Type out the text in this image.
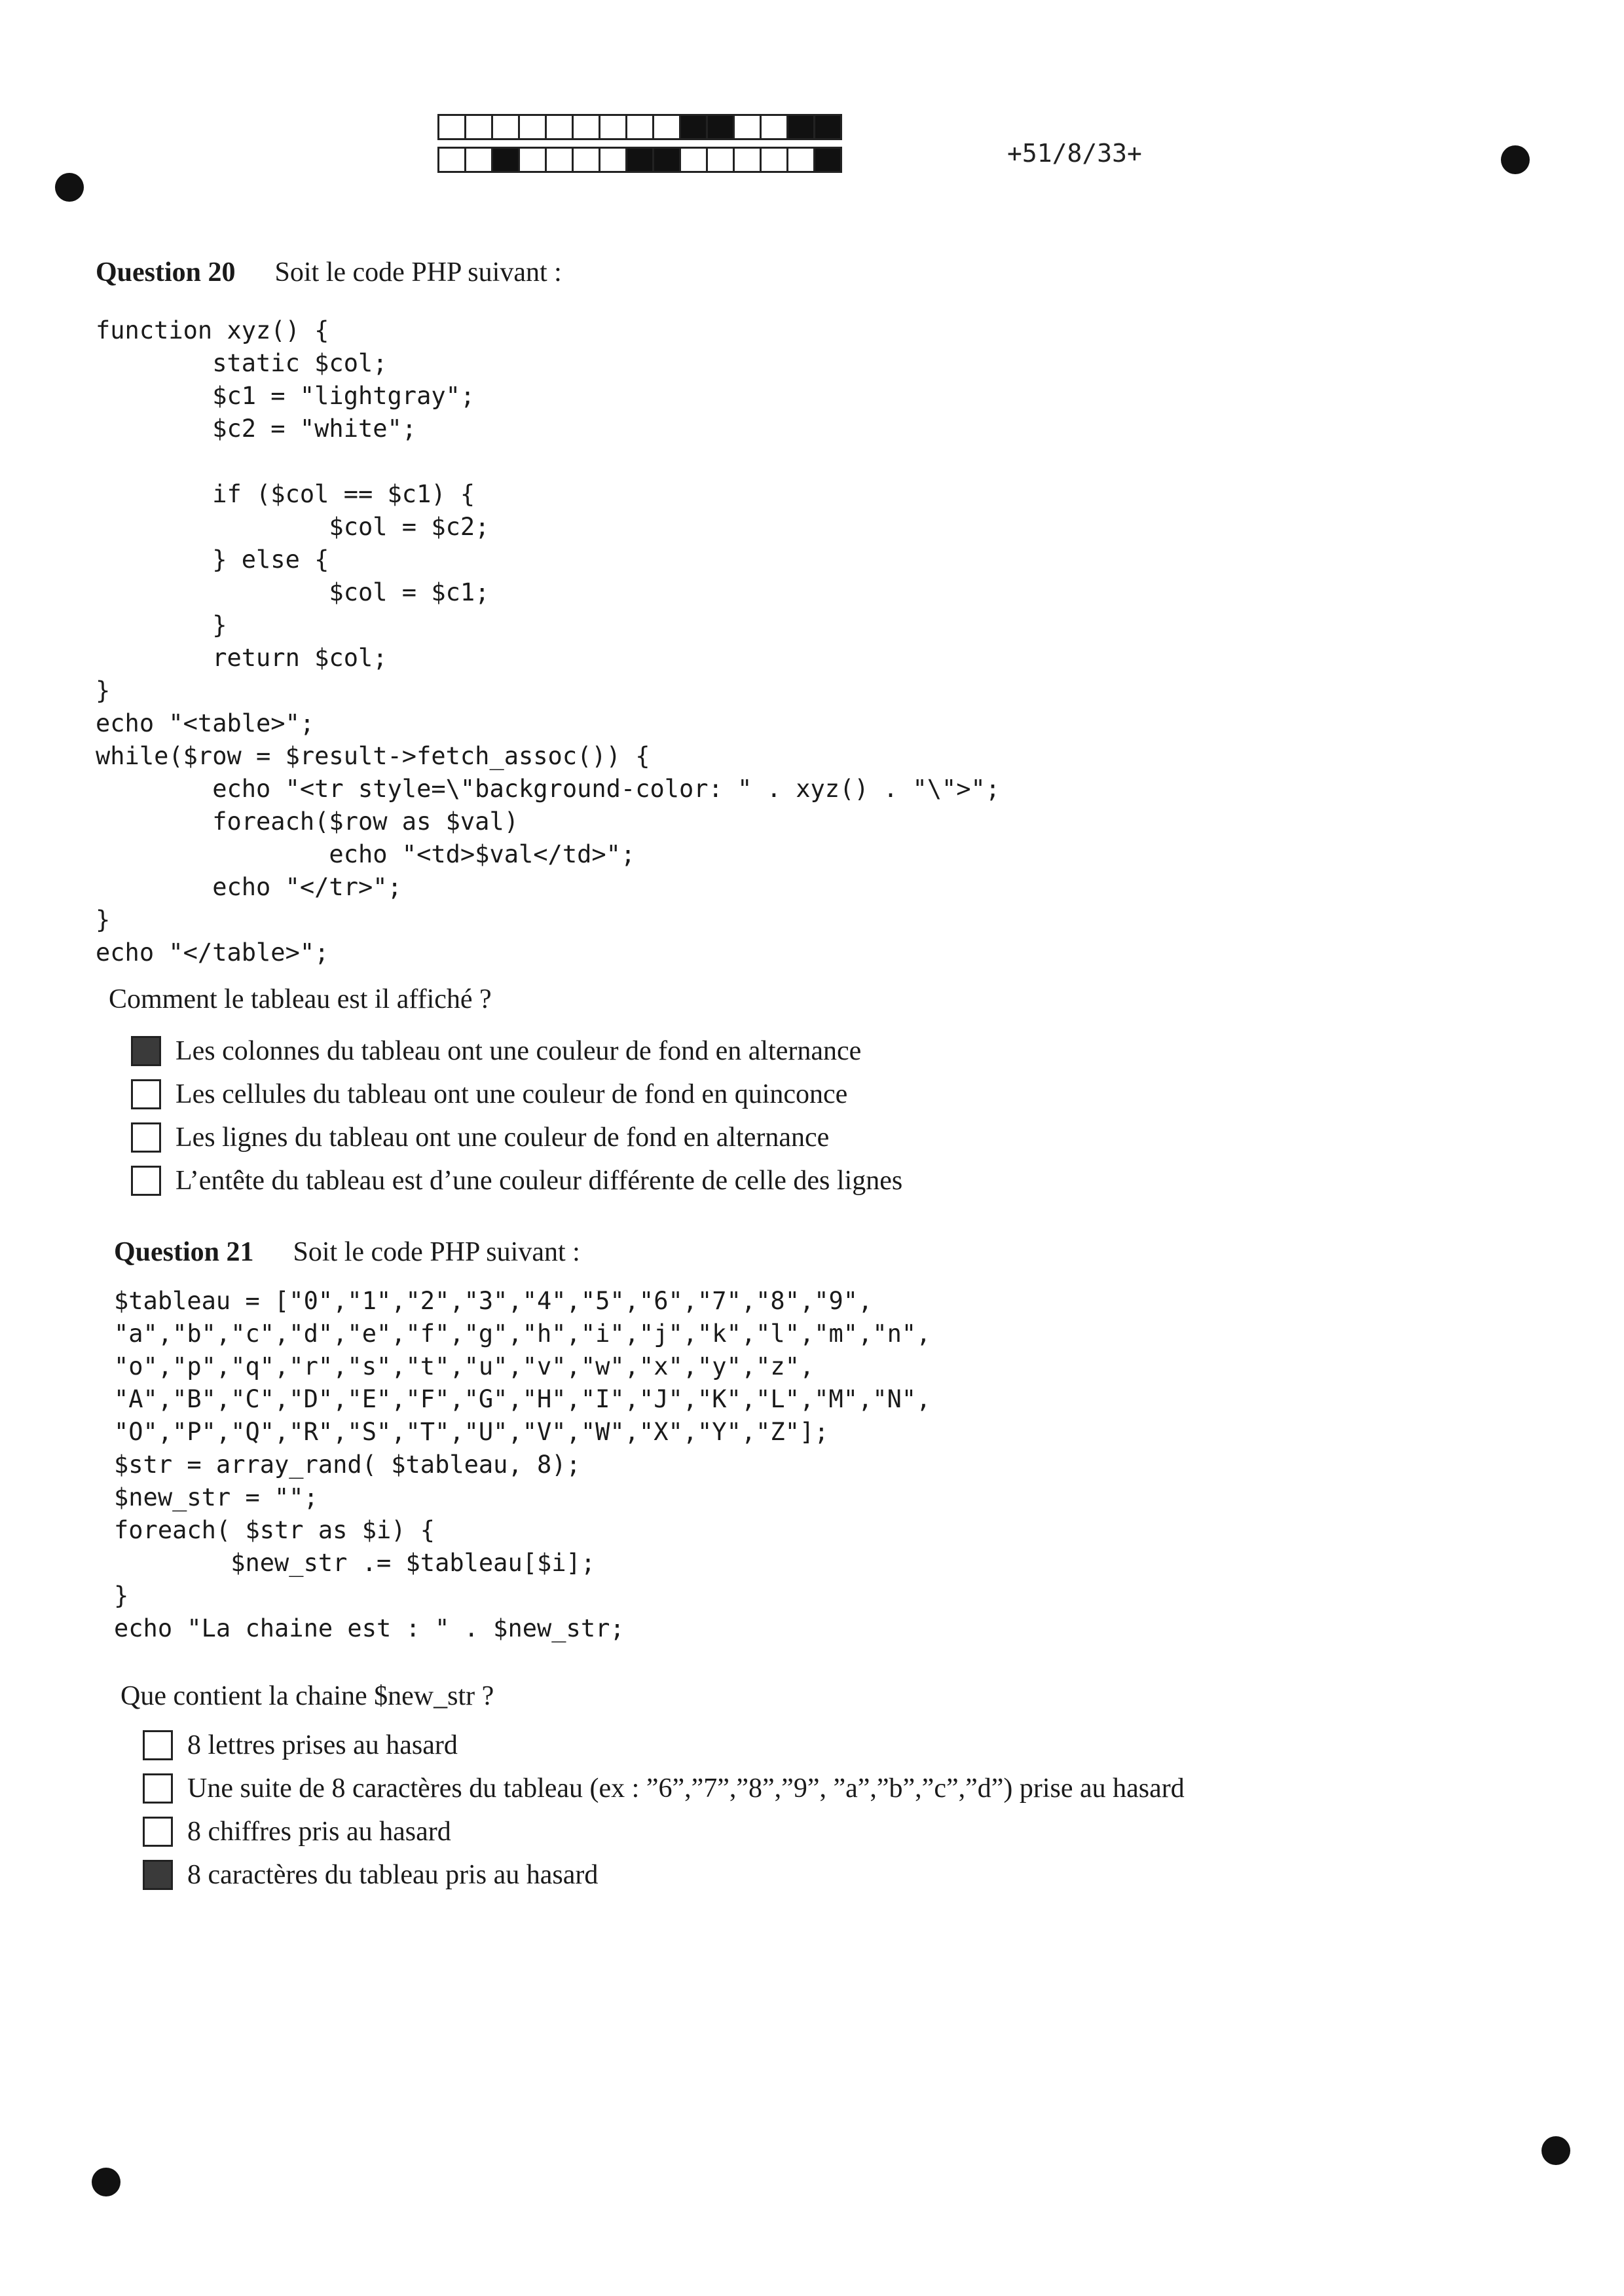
+51/8/33+
Question 20 Soit le code PHP suivant :
function xyz() {
static $col;
$c1 = "lightgray";
$c2 = "white";

if ($col == $c1) {
$col = $c2;
} else {
$col = $c1;
}
return $col;
}
echo "<table>";
while($row = $result->fetch_assoc()) {
echo "<tr style=\"background-color: " . xyz() . "\">";
foreach($row as $val)
echo "<td>$val</td>";
echo "</tr>";
}
echo "</table>";
Comment le tableau est il affiché ?
Les colonnes du tableau ont une couleur de fond en alternance
Les cellules du tableau ont une couleur de fond en quinconce
Les lignes du tableau ont une couleur de fond en alternance
L’entête du tableau est d’une couleur différente de celle des lignes
Question 21 Soit le code PHP suivant :
$tableau = ["0","1","2","3","4","5","6","7","8","9",
"a","b","c","d","e","f","g","h","i","j","k","l","m","n",
"o","p","q","r","s","t","u","v","w","x","y","z",
"A","B","C","D","E","F","G","H","I","J","K","L","M","N",
"O","P","Q","R","S","T","U","V","W","X","Y","Z"];
$str = array_rand( $tableau, 8);
$new_str = "";
foreach( $str as $i) {
$new_str .= $tableau[$i];
}
echo "La chaine est : " . $new_str;
Que contient la chaine $new_str ?
8 lettres prises au hasard
Une suite de 8 caractères du tableau (ex : ”6”,”7”,”8”,”9”, ”a”,”b”,”c”,”d”) prise au hasard
8 chiffres pris au hasard
8 caractères du tableau pris au hasard
